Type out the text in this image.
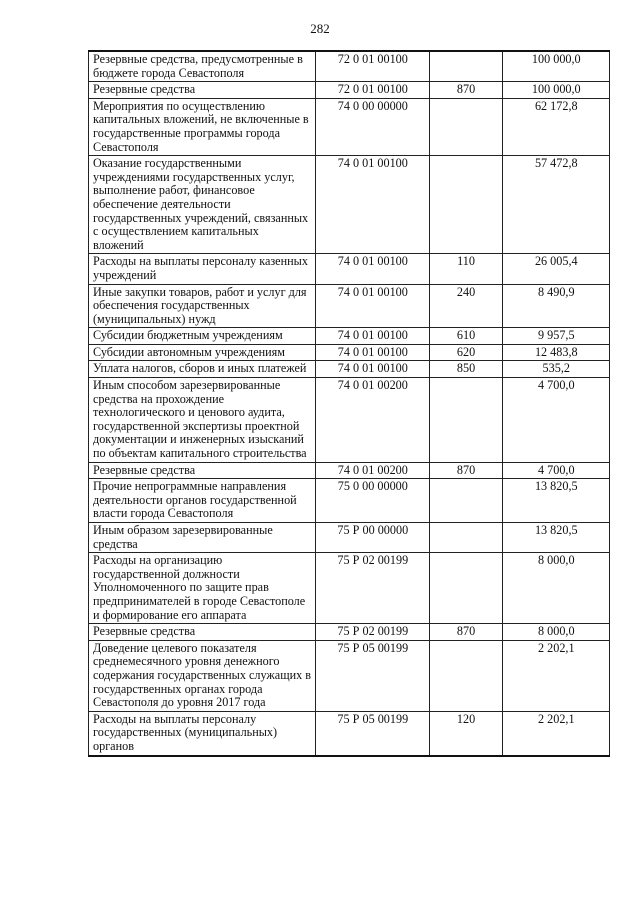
282
Резервные средства, предусмотренные в бюджете города Севастополя	72 0 01 00100		100 000,0
Резервные средства	72 0 01 00100	870	100 000,0
Мероприятия по осуществлению капитальных вложений, не включенные в государственные программы города Севастополя	74 0 00 00000		62 172,8
Оказание государственными учреждениями государственных услуг, выполнение работ, финансовое обеспечение деятельности государственных учреждений, связанных с осуществлением капитальных вложений	74 0 01 00100		57 472,8
Расходы на выплаты персоналу казенных учреждений	74 0 01 00100	110	26 005,4
Иные закупки товаров, работ и услуг для обеспечения государственных (муниципальных) нужд	74 0 01 00100	240	8 490,9
Субсидии бюджетным учреждениям	74 0 01 00100	610	9 957,5
Субсидии автономным учреждениям	74 0 01 00100	620	12 483,8
Уплата налогов, сборов и иных платежей	74 0 01 00100	850	535,2
Иным способом зарезервированные средства на прохождение технологического и ценового аудита, государственной экспертизы проектной документации и инженерных изысканий по объектам капитального строительства	74 0 01 00200		4 700,0
Резервные средства	74 0 01 00200	870	4 700,0
Прочие непрограммные направления деятельности органов государственной власти города Севастополя	75 0 00 00000		13 820,5
Иным образом зарезервированные средства	75 Р 00 00000		13 820,5
Расходы на организацию государственной должности Уполномоченного по защите прав предпринимателей в городе Севастополе и формирование его аппарата	75 Р 02 00199		8 000,0
Резервные средства	75 Р 02 00199	870	8 000,0
Доведение целевого показателя среднемесячного уровня денежного содержания государственных служащих в государственных органах города Севастополя до уровня 2017 года	75 Р 05 00199		2 202,1
Расходы на выплаты персоналу государственных (муниципальных) органов	75 Р 05 00199	120	2 202,1
